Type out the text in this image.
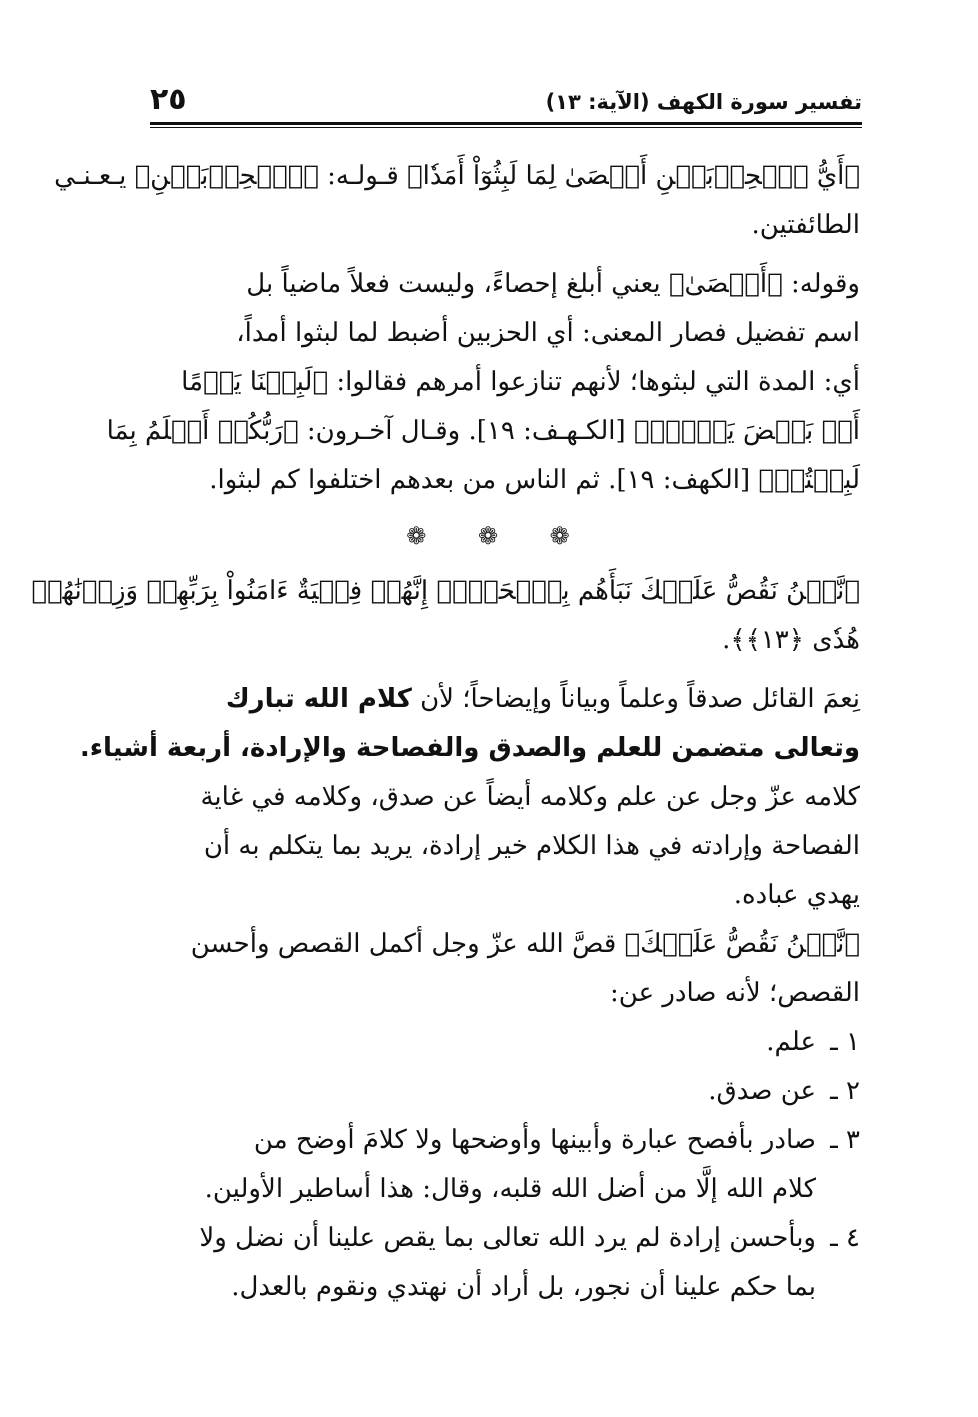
٢٥	تفسير سورة الكهف (الآية: ١٣)
﴿أَيُّ ٱلۡحِزۡبَيۡنِ أَحۡصَىٰ لِمَا لَبِثُوٓاْ أَمَدٗا﴾ قـولـه: ﴿ٱلۡحِزۡبَيۡنِ﴾ يـعـنـي
الطائفتين.
وقوله: ﴿أَحۡصَىٰ﴾ يعني أبلغ إحصاءً، وليست فعلاً ماضياً بل
اسم تفضيل فصار المعنى: أي الحزبين أضبط لما لبثوا أمداً،
أي: المدة التي لبثوها؛ لأنهم تنازعوا أمرهم فقالوا: ﴿لَبِثۡنَا يَوۡمًا
أَوۡ بَعۡضَ يَوۡمٖۚ﴾ [الكـهـف: ١٩]. وقـال آخـرون: ﴿رَبُّكُمۡ أَعۡلَمُ بِمَا
لَبِثۡتُمۡ﴾ [الكهف: ١٩]. ثم الناس من بعدهم اختلفوا كم لبثوا.
❁ ❁ ❁
﴿نَّحۡنُ نَقُصُّ عَلَيۡكَ نَبَأَهُم بِٱلۡحَقِّۚ إِنَّهُمۡ فِتۡيَةٌ ءَامَنُواْ بِرَبِّهِمۡ وَزِدۡنَٰهُمۡ
هُدٗى ﴿١٣﴾﴾.
نِعمَ القائل صدقاً وعلماً وبياناً وإيضاحاً؛ لأن كلام الله تبارك
وتعالى متضمن للعلم والصدق والفصاحة والإرادة، أربعة أشياء.
كلامه عزّ وجل عن علم وكلامه أيضاً عن صدق، وكلامه في غاية
الفصاحة وإرادته في هذا الكلام خير إرادة، يريد بما يتكلم به أن
يهدي عباده.
﴿نَّحۡنُ نَقُصُّ عَلَيۡكَ﴾ قصَّ الله عزّ وجل أكمل القصص وأحسن
القصص؛ لأنه صادر عن:
١ ـعلم.
٢ ـعن صدق.
٣ ـصادر بأفصح عبارة وأبينها وأوضحها ولا كلامَ أوضح من
كلام الله إلَّا من أضل الله قلبه، وقال: هذا أساطير الأولين.
٤ ـوبأحسن إرادة لم يرد الله تعالى بما يقص علينا أن نضل ولا
بما حكم علينا أن نجور، بل أراد أن نهتدي ونقوم بالعدل.
